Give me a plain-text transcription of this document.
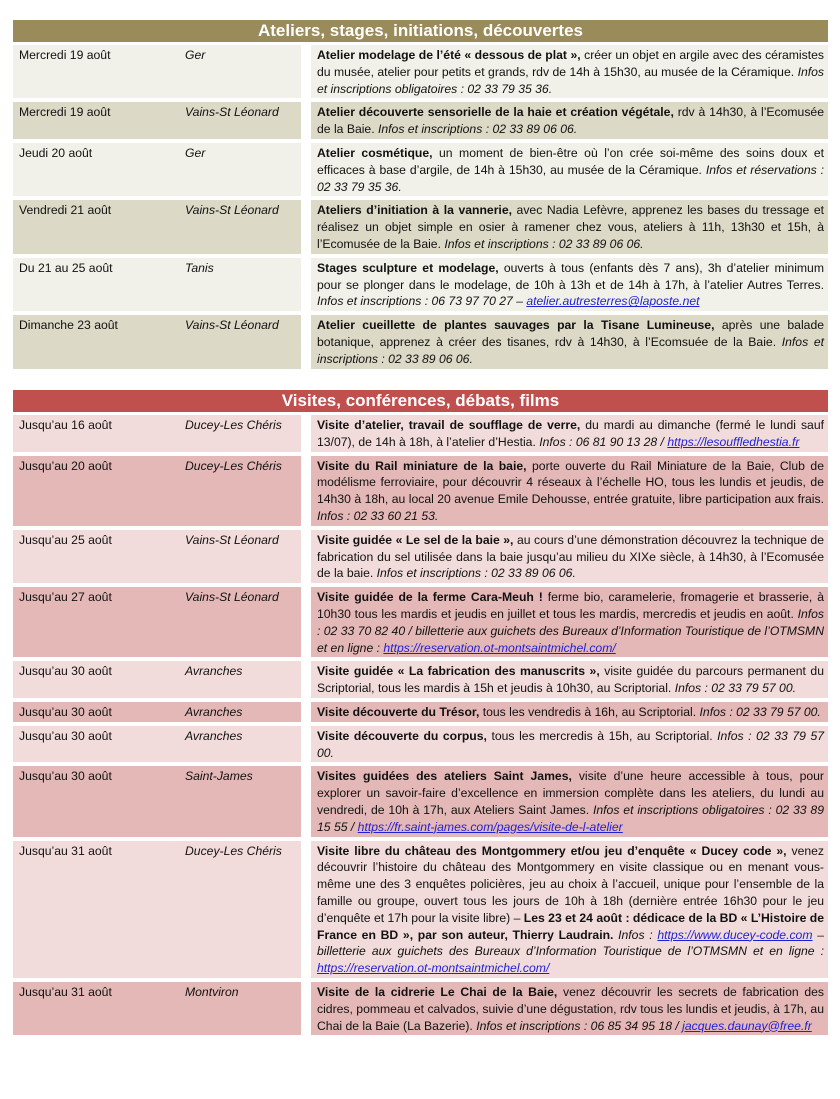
Ateliers, stages, initiations, découvertes
Mercredi 19 août	Ger		Atelier modelage de l’été « dessous de plat », créer un objet en argile avec des céramistes du musée, atelier pour petits et grands, rdv de 14h à 15h30, au musée de la Céramique. Infos et inscriptions obligatoires : 02 33 79 35 36.
Mercredi 19 août	Vains-St Léonard		Atelier découverte sensorielle de la haie et création végétale, rdv à 14h30, à l’Ecomusée de la Baie. Infos et inscriptions : 02 33 89 06 06.
Jeudi 20 août	Ger		Atelier cosmétique, un moment de bien-être où l’on crée soi-même des soins doux et efficaces à base d’argile, de 14h à 15h30, au musée de la Céramique. Infos et réservations : 02 33 79 35 36.
Vendredi 21 août	Vains-St Léonard		Ateliers d’initiation à la vannerie, avec Nadia Lefèvre, apprenez les bases du tressage et réalisez un objet simple en osier à ramener chez vous, ateliers à 11h, 13h30 et 15h, à l’Ecomusée de la Baie. Infos et inscriptions : 02 33 89 06 06.
Du 21 au 25 août	Tanis		Stages sculpture et modelage, ouverts à tous (enfants dès 7 ans), 3h d’atelier minimum pour se plonger dans le modelage, de 10h à 13h et de 14h à 17h, à l’atelier Autres Terres. Infos et inscriptions : 06 73 97 70 27 – atelier.autresterres@laposte.net
Dimanche 23 août	Vains-St Léonard		Atelier cueillette de plantes sauvages par la Tisane Lumineuse, après une balade botanique, apprenez à créer des tisanes, rdv à 14h30, à l’Ecomsuée de la Baie. Infos et inscriptions : 02 33 89 06 06.
Visites, conférences, débats, films
Jusqu’au 16 août	Ducey-Les Chéris		Visite d’atelier, travail de soufflage de verre, du mardi au dimanche (fermé le lundi sauf 13/07), de 14h à 18h, à l’atelier d’Hestia. Infos : 06 81 90 13 28 / https://lesouffledhestia.fr
Jusqu’au 20 août	Ducey-Les Chéris		Visite du Rail miniature de la baie, porte ouverte du Rail Miniature de la Baie, Club de modélisme ferroviaire, pour découvrir 4 réseaux à l’échelle HO, tous les lundis et jeudis, de 14h30 à 18h, au local 20 avenue Emile Dehousse, entrée gratuite, libre participation aux frais. Infos : 02 33 60 21 53.
Jusqu’au 25 août	Vains-St Léonard		Visite guidée « Le sel de la baie », au cours d’une démonstration découvrez la technique de fabrication du sel utilisée dans la baie jusqu’au milieu du XIXe siècle, à 14h30, à l’Ecomusée de la baie. Infos et inscriptions : 02 33 89 06 06.
Jusqu’au 27 août	Vains-St Léonard		Visite guidée de la ferme Cara-Meuh ! ferme bio, caramelerie, fromagerie et brasserie, à 10h30 tous les mardis et jeudis en juillet et tous les mardis, mercredis et jeudis en août. Infos : 02 33 70 82 40 / billetterie aux guichets des Bureaux d’Information Touristique de l’OTMSMN et en ligne : https://reservation.ot-montsaintmichel.com/
Jusqu’au 30 août	Avranches		Visite guidée « La fabrication des manuscrits », visite guidée du parcours permanent du Scriptorial, tous les mardis à 15h et jeudis à 10h30, au Scriptorial. Infos : 02 33 79 57 00.
Jusqu’au 30 août	Avranches		Visite découverte du Trésor, tous les vendredis à 16h, au Scriptorial. Infos : 02 33 79 57 00.
Jusqu’au 30 août	Avranches		Visite découverte du corpus, tous les mercredis à 15h, au Scriptorial. Infos : 02 33 79 57 00.
Jusqu’au 30 août	Saint-James		Visites guidées des ateliers Saint James, visite d’une heure accessible à tous, pour explorer un savoir-faire d’excellence en immersion complète dans les ateliers, du lundi au vendredi, de 10h à 17h, aux Ateliers Saint James. Infos et inscriptions obligatoires : 02 33 89 15 55 / https://fr.saint-james.com/pages/visite-de-l-atelier
Jusqu’au 31 août	Ducey-Les Chéris		Visite libre du château des Montgommery et/ou jeu d’enquête « Ducey code », venez découvrir l’histoire du château des Montgommery en visite classique ou en menant vous-même une des 3 enquêtes policières, jeu au choix à l’accueil, unique pour l’ensemble de la famille ou groupe, ouvert tous les jours de 10h à 18h (dernière entrée 16h30 pour le jeu d’enquête et 17h pour la visite libre) – Les 23 et 24 août : dédicace de la BD « L’Histoire de France en BD », par son auteur, Thierry Laudrain. Infos : https://www.ducey-code.com – billetterie aux guichets des Bureaux d’Information Touristique de l’OTMSMN et en ligne : https://reservation.ot-montsaintmichel.com/
Jusqu’au 31 août	Montviron		Visite de la cidrerie Le Chai de la Baie, venez découvrir les secrets de fabrication des cidres, pommeau et calvados, suivie d’une dégustation, rdv tous les lundis et jeudis, à 17h, au Chai de la Baie (La Bazerie). Infos et inscriptions : 06 85 34 95 18 / jacques.daunay@free.fr
